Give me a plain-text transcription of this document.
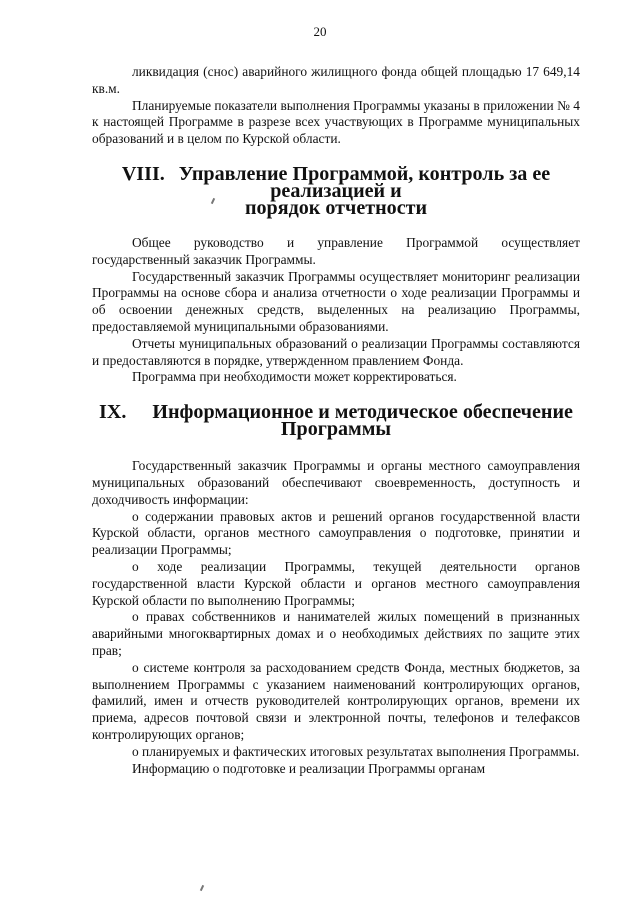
20

ликвидация (снос) аварийного жилищного фонда общей площадью 17 649,14 кв.м.

Планируемые показатели выполнения Программы указаны в приложении № 4 к настоящей Программе в разрезе всех участвующих в Программе муниципальных образований и в целом по Курской области.

VIII. Управление Программой, контроль за ее реализацией и
порядок отчетности

Общее руководство и управление Программой осуществляет государственный заказчик Программы.

Государственный заказчик Программы осуществляет мониторинг реализации Программы на основе сбора и анализа отчетности о ходе реализации Программы и об освоении денежных средств, выделенных на реализацию Программы, предоставляемой муниципальными образованиями.

Отчеты муниципальных образований о реализации Программы составляются и предоставляются в порядке, утвержденном правлением Фонда.

Программа при необходимости может корректироваться.

IX. Информационное и методическое обеспечение
Программы

Государственный заказчик Программы и органы местного самоуправления муниципальных образований обеспечивают своевременность, доступность и доходчивость информации:

о содержании правовых актов и решений органов государственной власти Курской области, органов местного самоуправления о подготовке, принятии и реализации Программы;

о ходе реализации Программы, текущей деятельности органов государственной власти Курской области и органов местного самоуправления Курской области по выполнению Программы;

о правах собственников и нанимателей жилых помещений в признанных аварийными многоквартирных домах и о необходимых действиях по защите этих прав;

о системе контроля за расходованием средств Фонда, местных бюджетов, за выполнением Программы с указанием наименований контролирующих органов, фамилий, имен и отчеств руководителей контролирующих органов, времени их приема, адресов почтовой связи и электронной почты, телефонов и телефаксов контролирующих органов;

о планируемых и фактических итоговых результатах выполнения Программы.

Информацию о подготовке и реализации Программы органам
